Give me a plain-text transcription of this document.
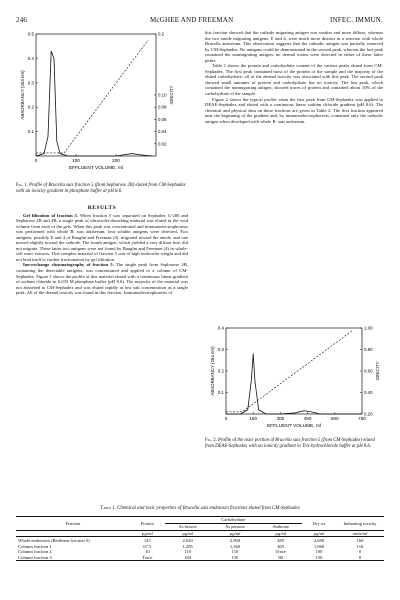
246	McGHEE AND FREEMAN	INFEC. IMMUN.
0	100	200
0.1
0.2
0.3
0.4
0.5
0.02
0.04
0.06
0.08
0.10
0.2
EFFLUENT VOLUME, ml
ABSORBANCY (254 nm)	IONICITY
Fig. 1. Profile of Brucella suis fraction 5 (from Sepharose 2B) eluted from CM-Sephadex with an ionicity gradient in phosphate buffer at pH 8.6.
RESULTS

Gel filtration of fraction 5. When fraction 5 was separated on Sephadex G-200 and Sepharose 2B and 4B, a single peak of ultraviolet-absorbing material was eluted in the void volume from each of the gels. When this peak was concentrated and immunoelectrophoresis was performed with whole B. suis antiserum, four soluble antigens were detected. Two antigens, possibly E and 4 of Baughn and Freeman (4), migrated toward the anode, and one moved slightly toward the cathode. The fourth antigen, which yielded a very diffuse line, did not migrate. These latter two antigens were not found by Baughn and Freeman (4) in whole-cell sonic extracts. This complex material of fraction 5 was of high molecular weight and did not lend itself to further fractionation by gel filtration.

Ion-exchange chromatography of fraction 5. The single peak from Sepharose 2B, containing the detectable antigens, was concentrated and applied to a column of CM-Sephadex. Figure 1 shows the profile of this material eluted with a continuous linear gradient of sodium chloride in 0.033 M phosphate buffer (pH 8.6). The majority of the material was not absorbed to CM-Sephadex and was eluted rapidly at low salt concentration as a single peak. All of the dermal toxicity was found in this fraction. Immunoelectrophoresis of

this fraction showed that the cathode migrating antigen was weaker and more diffuse, whereas the two anode migrating antigens, E and 4, were much more distinct in a reaction with whole Brucella antiserum. This observation suggests that the cathodic antigen was partially removed by CM-Sephadex. No antigens could be demonstrated in the second peak, whereas the last peak contained the nonmigrating antigen; no dermal toxins were detected in either of these latter peaks.

Table 1 shows the protein and carbohydrate content of the various peaks eluted from CM-Sephadex. The first peak contained most of the protein of the sample and the majority of the eluted carbohydrate; all of the dermal toxicity was associated with this peak. The second peak showed small amounts of protein and carbohydrate but no toxicity. The last peak, which contained the nonmigrating antigen, showed traces of protein and contained about 10% of the carbohydrate of the sample.

Figure 2 shows the typical profile when the first peak from CM-Sephadex was applied to DEAE-Sephadex and eluted with a continuous linear sodium chloride gradient (pH 8.6). The chemical and physical data on these fractions are given in Table 2. The first fraction appeared near the beginning of the gradient and, by immunoelectrophoresis, contained only the cathodic antigen when developed with whole B. suis antiserum.

0	150	300	450	600	750
0.1
0.2
0.3
0.4
0.20
0.40
0.60
0.80
1.00
EFFLUENT VOLUME, ml
ABSORBANCY (254 nm)	IONICITY
Fig. 2. Profile of the toxic portion of Brucella suis fraction 5 (from CM-Sephadex) eluted from DEAE-Sephadex with an ionicity gradient in Tris-hydrochloride buffer at pH 8.6.
Table 1. Chemical and toxic properties of Brucella suis endotoxin fractions eluted from CM-Sephadex
Fraction	Protein	Carbohydrate			Dry wt	Indurating toxicity
		As hexose	As pentose	Anthrone		
	µg/ml	µg/ml	µg/ml	µg/ml	µg/ml	units/ml
Whole endotoxin (Redfearn fraction 5)	145	2,620	2,900	485	2,690	160
Column fraction 1	67.5	1,295	1,360	405	1,960	116
Column fraction 2	10	110	110	Trace	100	0
Column fraction 3	Trace	184	150	80	150	0
